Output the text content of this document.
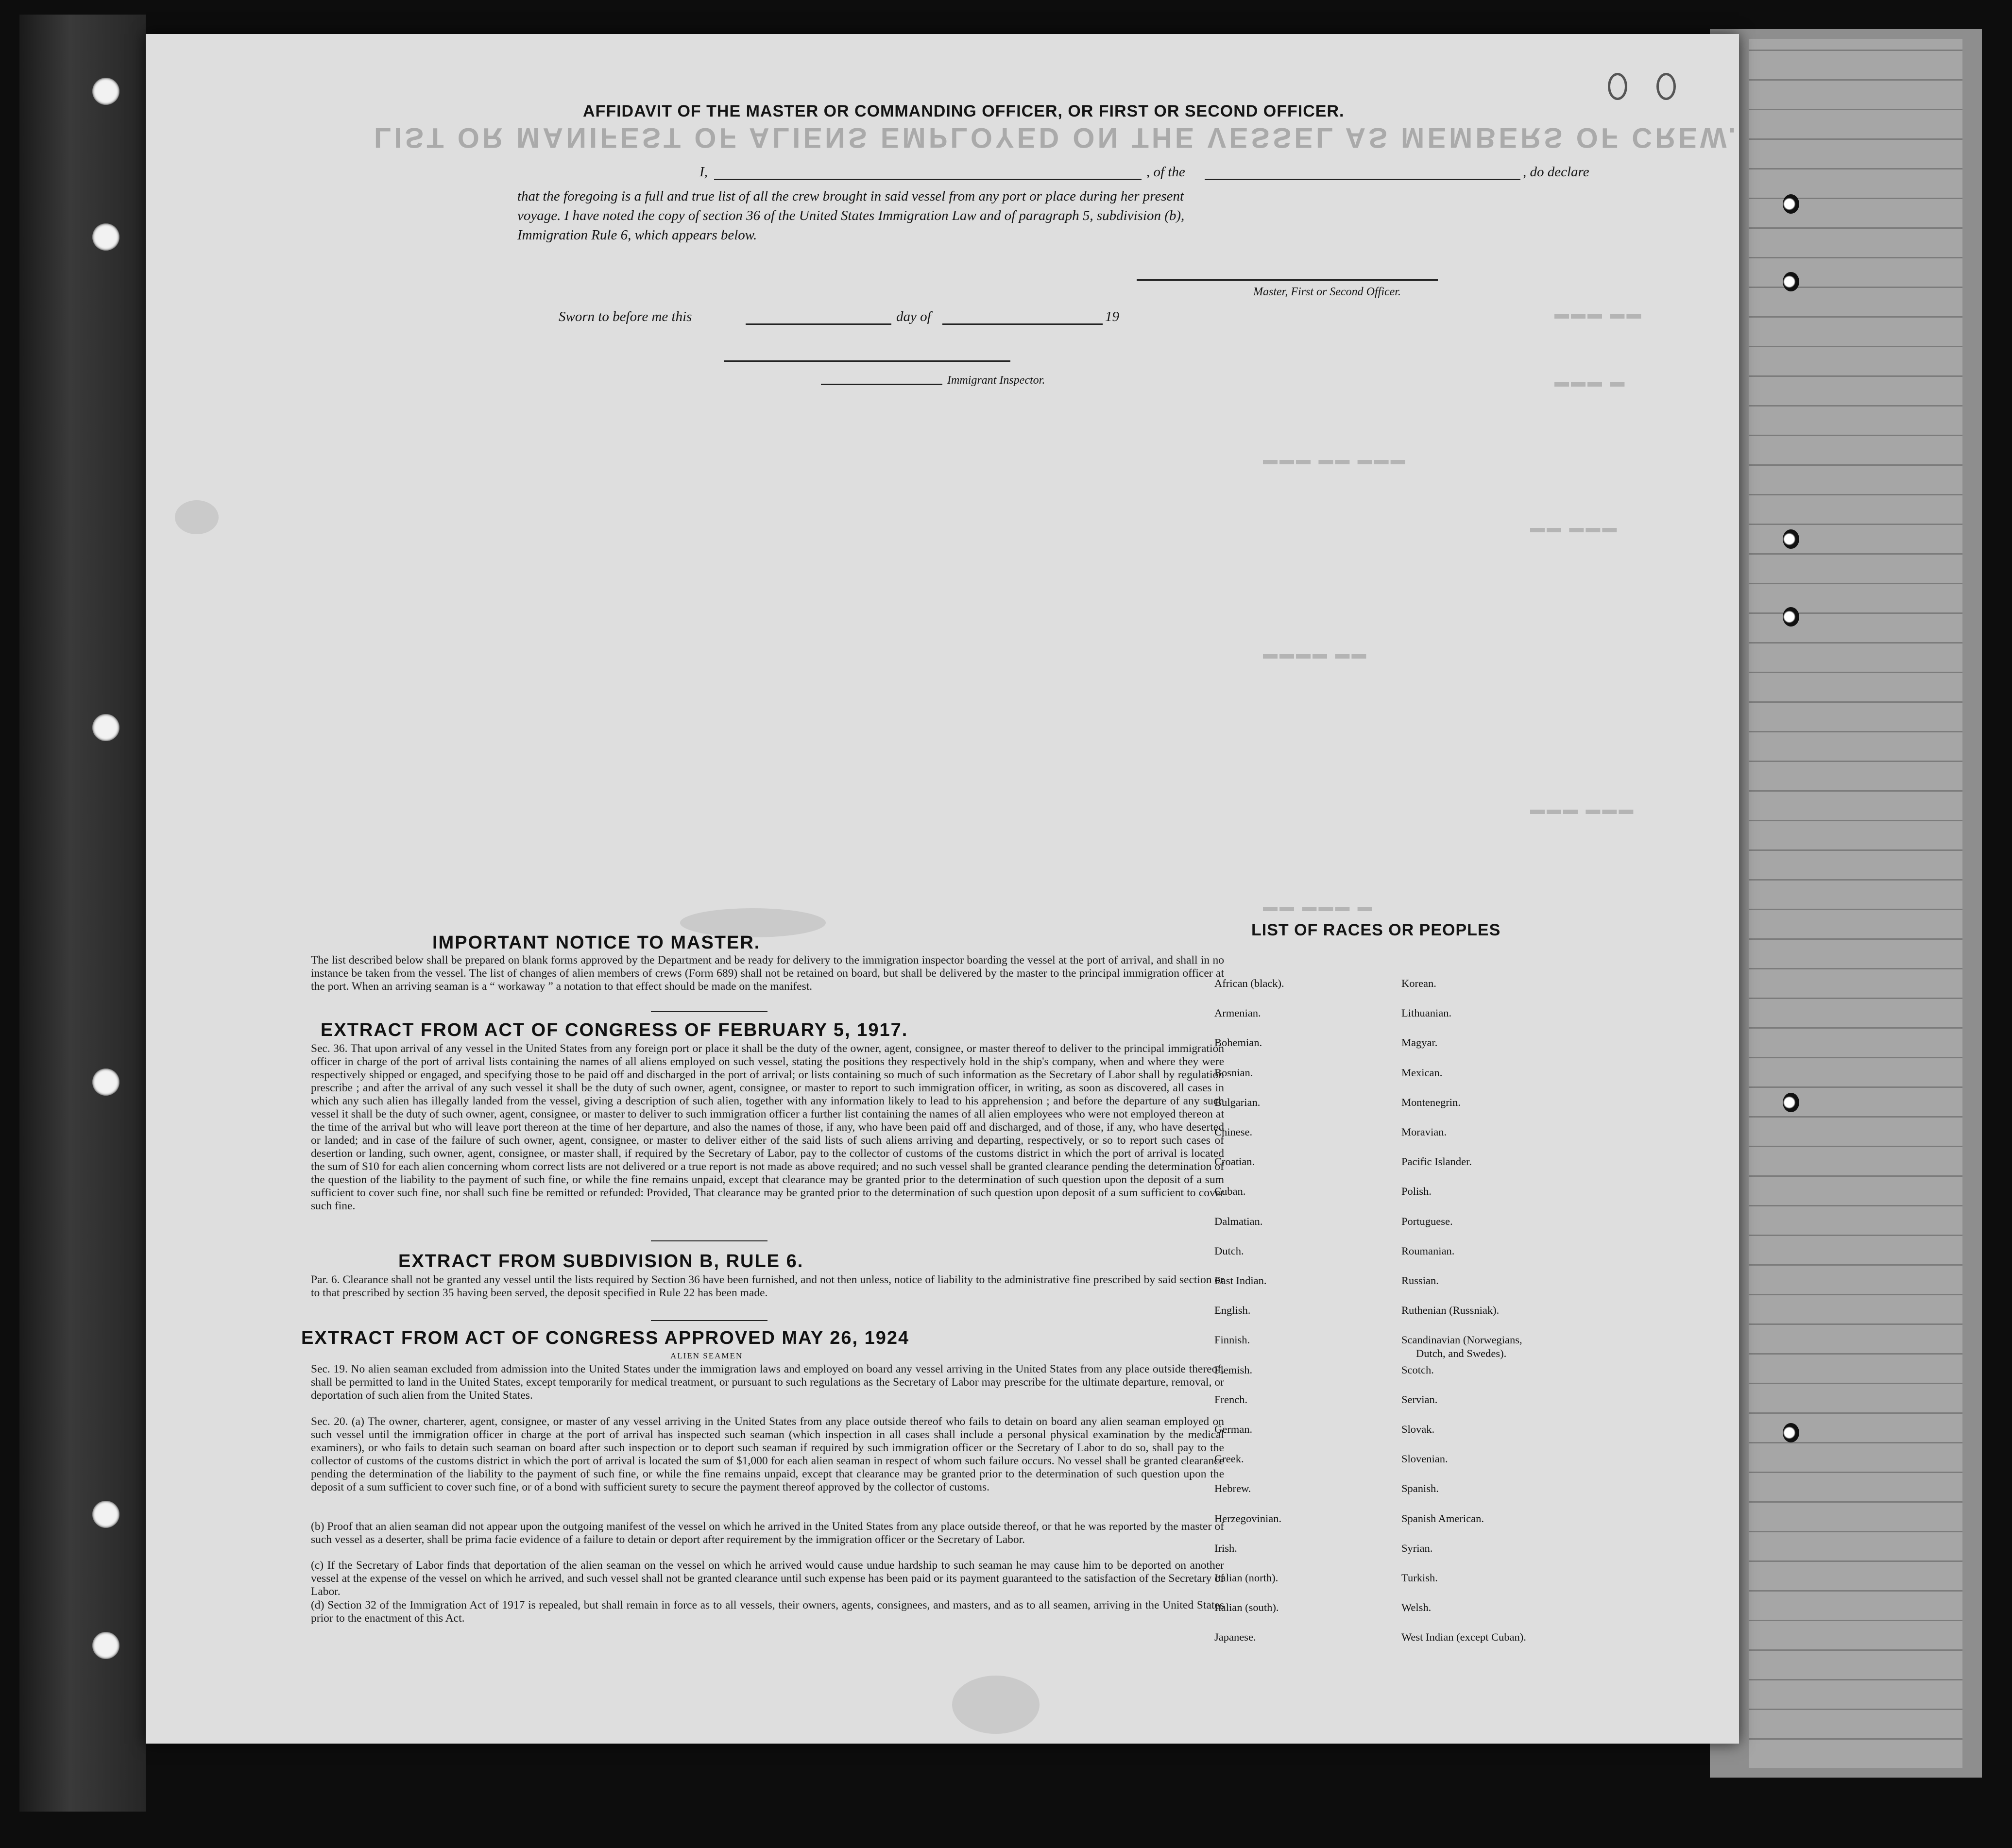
LIST OR MANIFEST OF ALIENS EMPLOYED ON THE VESSEL AS MEMBERS OF CREW.
▬▬▬ ▬▬
▬▬▬ ▬
▬▬▬ ▬▬ ▬▬▬
▬▬ ▬▬▬
▬▬▬▬ ▬▬
▬▬▬ ▬▬▬
▬▬ ▬▬▬ ▬
AFFIDAVIT OF THE MASTER OR COMMANDING OFFICER, OR FIRST OR SECOND OFFICER.
I,	, of the	, do declare
that the foregoing is a full and true list of all the crew brought in said vessel from any port or place during her present
voyage. I have noted the copy of section 36 of the United States Immigration Law and of paragraph 5, subdivision (b),
Immigration Rule 6, which appears below.
Master, First or Second Officer.
Sworn to before me this	day of	19
Immigrant Inspector.
IMPORTANT NOTICE TO MASTER.
The list described below shall be prepared on blank forms approved by the Department and be ready for delivery to the immigration inspector boarding the vessel at the port of arrival, and shall in no instance be taken from the vessel. The list of changes of alien members of crews (Form 689) shall not be retained on board, but shall be delivered by the master to the principal immigration officer at the port. When an arriving seaman is a “ workaway ” a notation to that effect should be made on the manifest.
EXTRACT FROM ACT OF CONGRESS OF FEBRUARY 5, 1917.
Sec. 36. That upon arrival of any vessel in the United States from any foreign port or place it shall be the duty of the owner, agent, consignee, or master thereof to deliver to the principal immigration officer in charge of the port of arrival lists containing the names of all aliens employed on such vessel, stating the positions they respectively hold in the ship's company, when and where they were respectively shipped or engaged, and specifying those to be paid off and discharged in the port of arrival; or lists containing so much of such information as the Secretary of Labor shall by regulation prescribe ; and after the arrival of any such vessel it shall be the duty of such owner, agent, consignee, or master to report to such immigration officer, in writing, as soon as discovered, all cases in which any such alien has illegally landed from the vessel, giving a description of such alien, together with any information likely to lead to his apprehension ; and before the departure of any such vessel it shall be the duty of such owner, agent, consignee, or master to deliver to such immigration officer a further list containing the names of all alien employees who were not employed thereon at the time of the arrival but who will leave port thereon at the time of her departure, and also the names of those, if any, who have been paid off and discharged, and of those, if any, who have deserted or landed; and in case of the failure of such owner, agent, consignee, or master to deliver either of the said lists of such aliens arriving and departing, respectively, or so to report such cases of desertion or landing, such owner, agent, consignee, or master shall, if required by the Secretary of Labor, pay to the collector of customs of the customs district in which the port of arrival is located the sum of $10 for each alien concerning whom correct lists are not delivered or a true report is not made as above required; and no such vessel shall be granted clearance pending the determination of the question of the liability to the payment of such fine, or while the fine remains unpaid, except that clearance may be granted prior to the determination of such question upon the deposit of a sum sufficient to cover such fine, nor shall such fine be remitted or refunded: Provided, That clearance may be granted prior to the determination of such question upon deposit of a sum sufficient to cover such fine.
EXTRACT FROM SUBDIVISION B, RULE 6.
Par. 6. Clearance shall not be granted any vessel until the lists required by Section 36 have been furnished, and not then unless, notice of liability to the administrative fine prescribed by said section or to that prescribed by section 35 having been served, the deposit specified in Rule 22 has been made.
EXTRACT FROM ACT OF CONGRESS APPROVED MAY 26, 1924
ALIEN SEAMEN
Sec. 19. No alien seaman excluded from admission into the United States under the immigration laws and employed on board any vessel arriving in the United States from any place outside thereof, shall be permitted to land in the United States, except temporarily for medical treatment, or pursuant to such regulations as the Secretary of Labor may prescribe for the ultimate departure, removal, or deportation of such alien from the United States.
Sec. 20. (a) The owner, charterer, agent, consignee, or master of any vessel arriving in the United States from any place outside thereof who fails to detain on board any alien seaman employed on such vessel until the immigration officer in charge at the port of arrival has inspected such seaman (which inspection in all cases shall include a personal physical examination by the medical examiners), or who fails to detain such seaman on board after such inspection or to deport such seaman if required by such immigration officer or the Secretary of Labor to do so, shall pay to the collector of customs of the customs district in which the port of arrival is located the sum of $1,000 for each alien seaman in respect of whom such failure occurs. No vessel shall be granted clearance pending the determination of the liability to the payment of such fine, or while the fine remains unpaid, except that clearance may be granted prior to the determination of such question upon the deposit of a sum sufficient to cover such fine, or of a bond with sufficient surety to secure the payment thereof approved by the collector of customs.
(b) Proof that an alien seaman did not appear upon the outgoing manifest of the vessel on which he arrived in the United States from any place outside thereof, or that he was reported by the master of such vessel as a deserter, shall be prima facie evidence of a failure to detain or deport after requirement by the immigration officer or the Secretary of Labor.
(c) If the Secretary of Labor finds that deportation of the alien seaman on the vessel on which he arrived would cause undue hardship to such seaman he may cause him to be deported on another vessel at the expense of the vessel on which he arrived, and such vessel shall not be granted clearance until such expense has been paid or its payment guaranteed to the satisfaction of the Secretary of Labor.
(d) Section 32 of the Immigration Act of 1917 is repealed, but shall remain in force as to all vessels, their owners, agents, consignees, and masters, and as to all seamen, arriving in the United States prior to the enactment of this Act.
LIST OF RACES OR PEOPLES
African (black).
Armenian.
Bohemian.
Bosnian.
Bulgarian.
Chinese.
Croatian.
Cuban.
Dalmatian.
Dutch.
East Indian.
English.
Finnish.
Flemish.
French.
German.
Greek.
Hebrew.
Herzegovinian.
Irish.
Italian (north).
Italian (south).
Japanese.
Korean.
Lithuanian.
Magyar.
Mexican.
Montenegrin.
Moravian.
Pacific Islander.
Polish.
Portuguese.
Roumanian.
Russian.
Ruthenian (Russniak).
Scandinavian (Norwegians,
Dutch, and Swedes).
Scotch.
Servian.
Slovak.
Slovenian.
Spanish.
Spanish American.
Syrian.
Turkish.
Welsh.
West Indian (except Cuban).
